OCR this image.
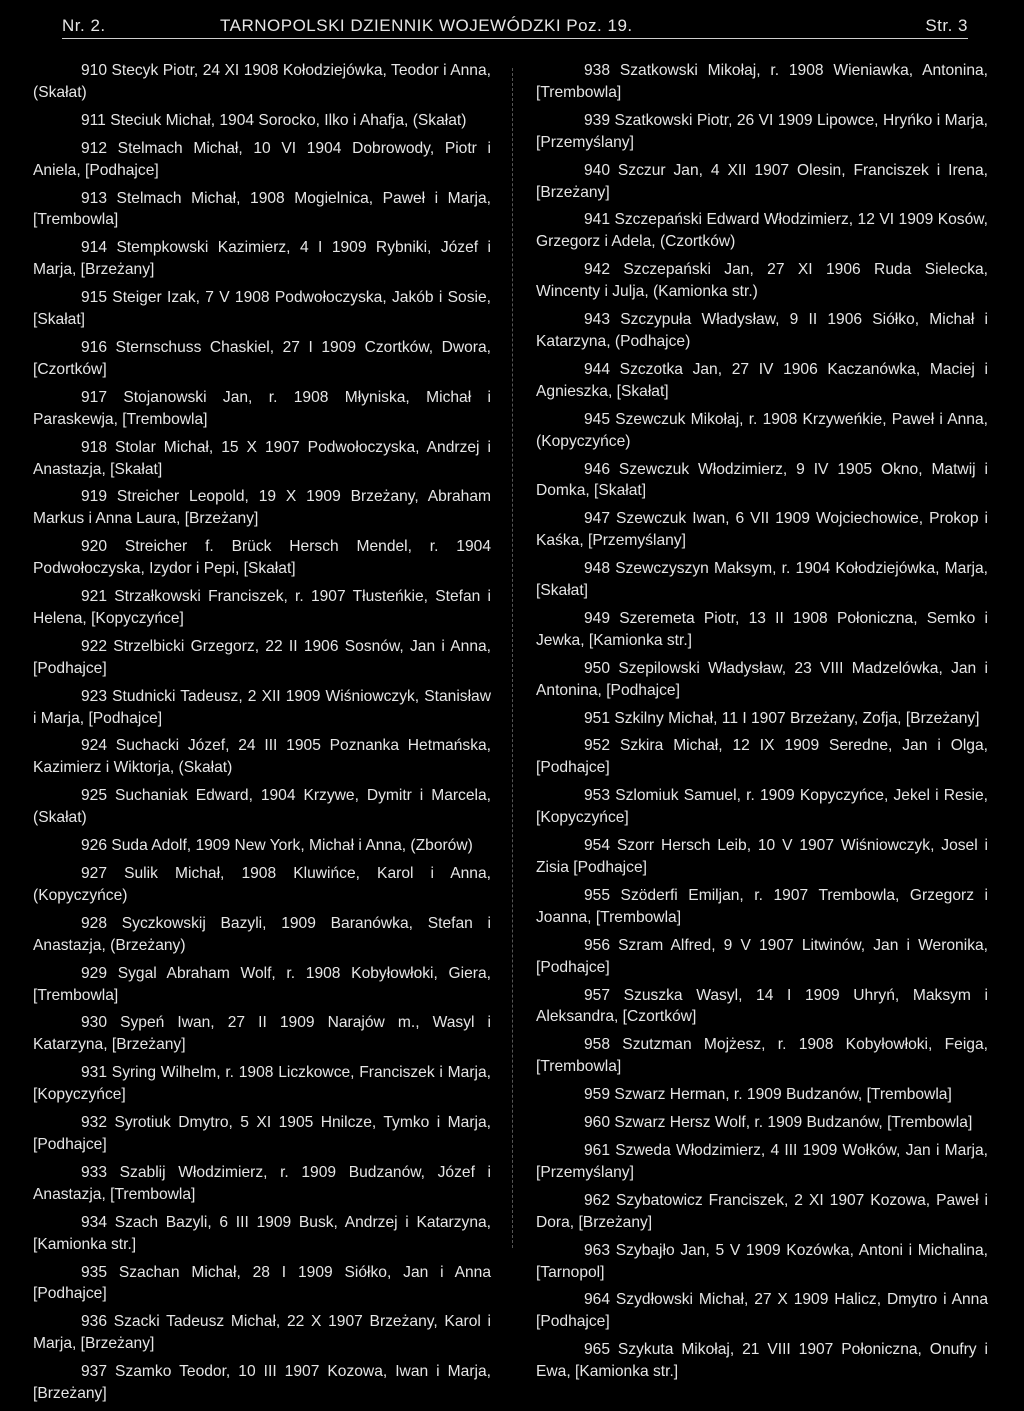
Nr. 2.	TARNOPOLSKI DZIENNIK WOJEWÓDZKI Poz. 19.	Str. 3

910 Stecyk Piotr, 24 XI 1908 Kołodziejówka, Teodor i Anna, (Skałat)

911 Steciuk Michał, 1904 Sorocko, Ilko i Ahafja, (Skałat)

912 Stelmach Michał, 10 VI 1904 Dobrowody, Piotr i Aniela, [Podhajce]

913 Stelmach Michał, 1908 Mogielnica, Paweł i Marja, [Trembowla]

914 Stempkowski Kazimierz, 4 I 1909 Rybniki, Józef i Marja, [Brzeżany]

915 Steiger Izak, 7 V 1908 Podwołoczyska, Jakób i Sosie, [Skałat]

916 Sternschuss Chaskiel, 27 I 1909 Czortków, Dwora, [Czortków]

917 Stojanowski Jan, r. 1908 Młyniska, Michał i Paraskewja, [Trembowla]

918 Stolar Michał, 15 X 1907 Podwołoczyska, Andrzej i Anastazja, [Skałat]

919 Streicher Leopold, 19 X 1909 Brzeżany, Abraham Markus i Anna Laura, [Brzeżany]

920 Streicher f. Brück Hersch Mendel, r. 1904 Podwołoczyska, Izydor i Pepi, [Skałat]

921 Strzałkowski Franciszek, r. 1907 Tłusteńkie, Stefan i Helena, [Kopyczyńce]

922 Strzelbicki Grzegorz, 22 II 1906 Sosnów, Jan i Anna, [Podhajce]

923 Studnicki Tadeusz, 2 XII 1909 Wiśniowczyk, Stanisław i Marja, [Podhajce]

924 Suchacki Józef, 24 III 1905 Poznanka Hetmańska, Kazimierz i Wiktorja, (Skałat)

925 Suchaniak Edward, 1904 Krzywe, Dymitr i Marcela, (Skałat)

926 Suda Adolf, 1909 New York, Michał i Anna, (Zborów)

927 Sulik Michał, 1908 Kluwińce, Karol i Anna, (Kopyczyńce)

928 Syczkowskij Bazyli, 1909 Baranówka, Stefan i Anastazja, (Brzeżany)

929 Sygal Abraham Wolf, r. 1908 Kobyłowłoki, Giera, [Trembowla]

930 Sypeń Iwan, 27 II 1909 Narajów m., Wasyl i Katarzyna, [Brzeżany]

931 Syring Wilhelm, r. 1908 Liczkowce, Franciszek i Marja, [Kopyczyńce]

932 Syrotiuk Dmytro, 5 XI 1905 Hnilcze, Tymko i Marja, [Podhajce]

933 Szablij Włodzimierz, r. 1909 Budzanów, Józef i Anastazja, [Trembowla]

934 Szach Bazyli, 6 III 1909 Busk, Andrzej i Katarzyna, [Kamionka str.]

935 Szachan Michał, 28 I 1909 Siółko, Jan i Anna [Podhajce]

936 Szacki Tadeusz Michał, 22 X 1907 Brzeżany, Karol i Marja, [Brzeżany]

937 Szamko Teodor, 10 III 1907 Kozowa, Iwan i Marja, [Brzeżany]

938 Szatkowski Mikołaj, r. 1908 Wieniawka, Antonina, [Trembowla]

939 Szatkowski Piotr, 26 VI 1909 Lipowce, Hryńko i Marja, [Przemyślany]

940 Szczur Jan, 4 XII 1907 Olesin, Franciszek i Irena, [Brzeżany]

941 Szczepański Edward Włodzimierz, 12 VI 1909 Kosów, Grzegorz i Adela, (Czortków)

942 Szczepański Jan, 27 XI 1906 Ruda Sielecka, Wincenty i Julja, (Kamionka str.)

943 Szczypuła Władysław, 9 II 1906 Siółko, Michał i Katarzyna, (Podhajce)

944 Szczotka Jan, 27 IV 1906 Kaczanówka, Maciej i Agnieszka, [Skałat]

945 Szewczuk Mikołaj, r. 1908 Krzyweńkie, Paweł i Anna, (Kopyczyńce)

946 Szewczuk Włodzimierz, 9 IV 1905 Okno, Matwij i Domka, [Skałat]

947 Szewczuk Iwan, 6 VII 1909 Wojciechowice, Prokop i Kaśka, [Przemyślany]

948 Szewczyszyn Maksym, r. 1904 Kołodziejówka, Marja, [Skałat]

949 Szeremeta Piotr, 13 II 1908 Połoniczna, Semko i Jewka, [Kamionka str.]

950 Szepilowski Władysław, 23 VIII Madzelówka, Jan i Antonina, [Podhajce]

951 Szkilny Michał, 11 I 1907 Brzeżany, Zofja, [Brzeżany]

952 Szkira Michał, 12 IX 1909 Seredne, Jan i Olga, [Podhajce]

953 Szlomiuk Samuel, r. 1909 Kopyczyńce, Jekel i Resie, [Kopyczyńce]

954 Szorr Hersch Leib, 10 V 1907 Wiśniowczyk, Josel i Zisia [Podhajce]

955 Szöderfi Emiljan, r. 1907 Trembowla, Grzegorz i Joanna, [Trembowla]

956 Szram Alfred, 9 V 1907 Litwinów, Jan i Weronika, [Podhajce]

957 Szuszka Wasyl, 14 I 1909 Uhryń, Maksym i Aleksandra, [Czortków]

958 Szutzman Mojżesz, r. 1908 Kobyłowłoki, Feiga, [Trembowla]

959 Szwarz Herman, r. 1909 Budzanów, [Trembowla]

960 Szwarz Hersz Wolf, r. 1909 Budzanów, [Trembowla]

961 Szweda Włodzimierz, 4 III 1909 Wołków, Jan i Marja, [Przemyślany]

962 Szybatowicz Franciszek, 2 XI 1907 Kozowa, Paweł i Dora, [Brzeżany]

963 Szybajło Jan, 5 V 1909 Kozówka, Antoni i Michalina, [Tarnopol]

964 Szydłowski Michał, 27 X 1909 Halicz, Dmytro i Anna [Podhajce]

965 Szykuta Mikołaj, 21 VIII 1907 Połoniczna, Onufry i Ewa, [Kamionka str.]
